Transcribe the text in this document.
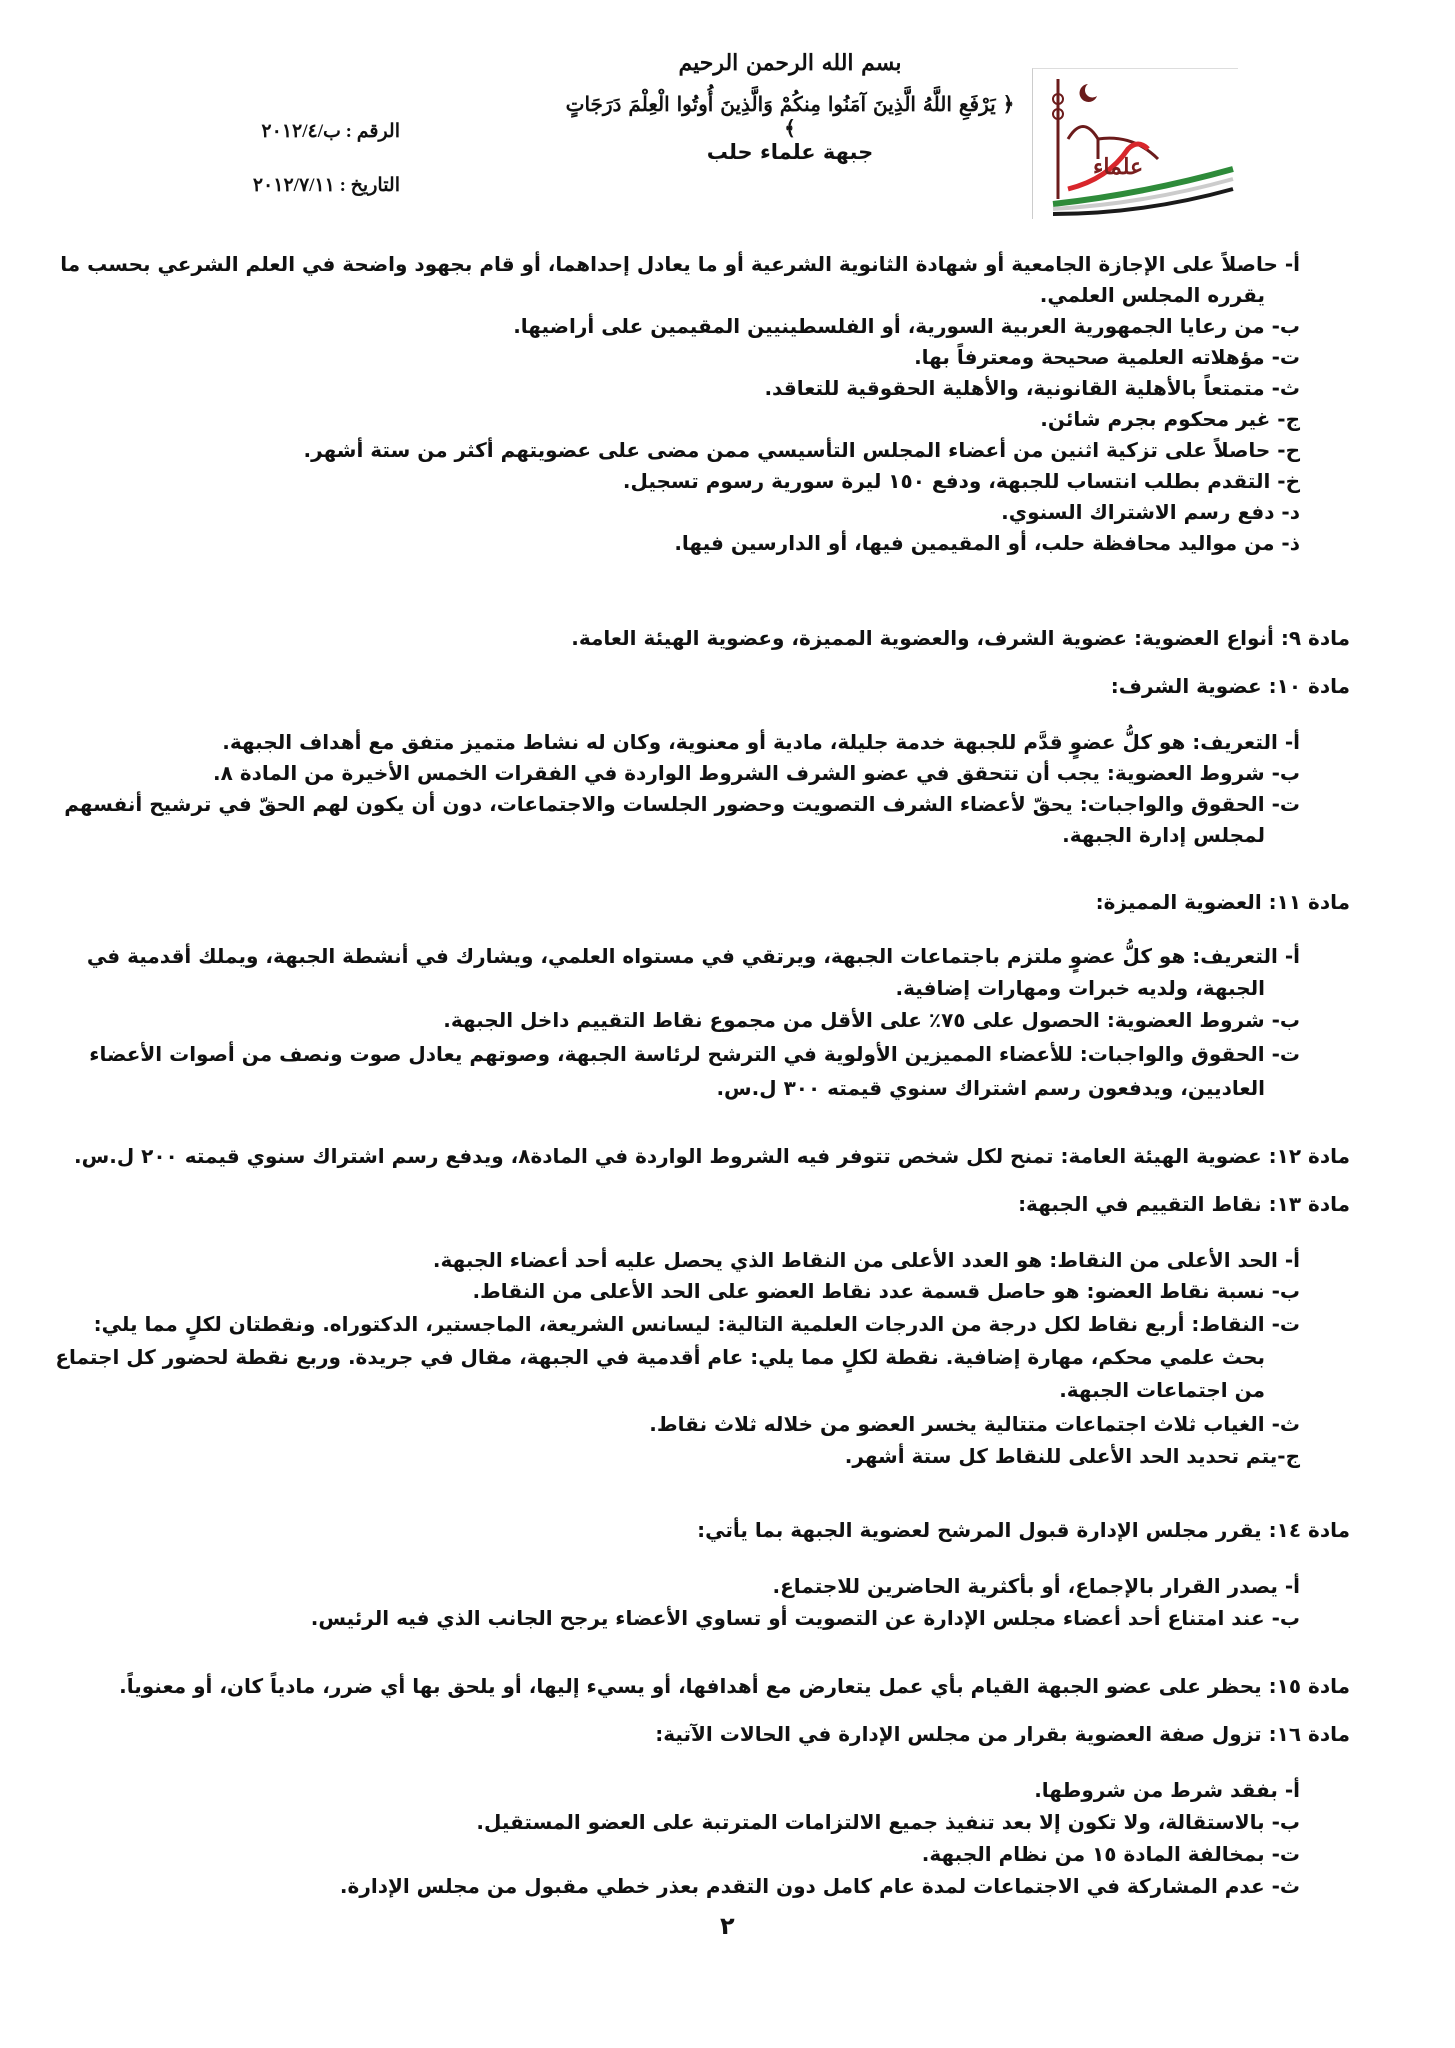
بسم الله الرحمن الرحيم
﴿ يَرْفَعِ اللَّهُ الَّذِينَ آمَنُوا مِنكُمْ وَالَّذِينَ أُوتُوا الْعِلْمَ دَرَجَاتٍ ﴾
جبهة علماء حلب
الرقم : ب/٢٠١٢/٤
التاريخ : ٢٠١٢/٧/١١
علماء
أ- حاصلاً على الإجازة الجامعية أو شهادة الثانوية الشرعية أو ما يعادل إحداهما، أو قام بجهود واضحة في العلم الشرعي بحسب ما
يقرره المجلس العلمي.
ب- من رعايا الجمهورية العربية السورية، أو الفلسطينيين المقيمين على أراضيها.
ت- مؤهلاته العلمية صحيحة ومعترفاً بها.
ث- متمتعاً بالأهلية القانونية، والأهلية الحقوقية للتعاقد.
ج- غير محكوم بجرم شائن.
ح- حاصلاً على تزكية اثنين من أعضاء المجلس التأسيسي ممن مضى على عضويتهم أكثر من ستة أشهر.
خ- التقدم بطلب انتساب للجبهة، ودفع ١٥٠ ليرة سورية رسوم تسجيل.
د- دفع رسم الاشتراك السنوي.
ذ- من مواليد محافظة حلب، أو المقيمين فيها، أو الدارسين فيها.
مادة ٩: أنواع العضوية: عضوية الشرف، والعضوية المميزة، وعضوية الهيئة العامة.
مادة ١٠: عضوية الشرف:
أ- التعريف: هو كلُّ عضوٍ قدَّم للجبهة خدمة جليلة، مادية أو معنوية، وكان له نشاط متميز متفق مع أهداف الجبهة.
ب- شروط العضوية: يجب أن تتحقق في عضو الشرف الشروط الواردة في الفقرات الخمس الأخيرة من المادة ٨.
ت- الحقوق والواجبات: يحقّ لأعضاء الشرف التصويت وحضور الجلسات والاجتماعات، دون أن يكون لهم الحقّ في ترشيح أنفسهم
لمجلس إدارة الجبهة.
مادة ١١: العضوية المميزة:
أ- التعريف: هو كلُّ عضوٍ ملتزم باجتماعات الجبهة، ويرتقي في مستواه العلمي، ويشارك في أنشطة الجبهة، ويملك أقدمية في
الجبهة، ولديه خبرات ومهارات إضافية.
ب- شروط العضوية: الحصول على ٧٥٪ على الأقل من مجموع نقاط التقييم داخل الجبهة.
ت- الحقوق والواجبات: للأعضاء المميزين الأولوية في الترشح لرئاسة الجبهة، وصوتهم يعادل صوت ونصف من أصوات الأعضاء
العاديين، ويدفعون رسم اشتراك سنوي قيمته ٣٠٠ ل.س.
مادة ١٢: عضوية الهيئة العامة: تمنح لكل شخص تتوفر فيه الشروط الواردة في المادة٨، ويدفع رسم اشتراك سنوي قيمته ٢٠٠ ل.س.
مادة ١٣: نقاط التقييم في الجبهة:
أ- الحد الأعلى من النقاط: هو العدد الأعلى من النقاط الذي يحصل عليه أحد أعضاء الجبهة.
ب- نسبة نقاط العضو: هو حاصل قسمة عدد نقاط العضو على الحد الأعلى من النقاط.
ت- النقاط: أربع نقاط لكل درجة من الدرجات العلمية التالية: ليسانس الشريعة، الماجستير، الدكتوراه. ونقطتان لكلٍ مما يلي:
بحث علمي محكم، مهارة إضافية. نقطة لكلٍ مما يلي: عام أقدمية في الجبهة، مقال في جريدة. وربع نقطة لحضور كل اجتماع
من اجتماعات الجبهة.
ث- الغياب ثلاث اجتماعات متتالية يخسر العضو من خلاله ثلاث نقاط.
ج-يتم تحديد الحد الأعلى للنقاط كل ستة أشهر.
مادة ١٤: يقرر مجلس الإدارة قبول المرشح لعضوية الجبهة بما يأتي:
أ- يصدر القرار بالإجماع، أو بأكثرية الحاضرين للاجتماع.
ب- عند امتناع أحد أعضاء مجلس الإدارة عن التصويت أو تساوي الأعضاء يرجح الجانب الذي فيه الرئيس.
مادة ١٥: يحظر على عضو الجبهة القيام بأي عمل يتعارض مع أهدافها، أو يسيء إليها، أو يلحق بها أي ضرر، مادياً كان، أو معنوياً.
مادة ١٦: تزول صفة العضوية بقرار من مجلس الإدارة في الحالات الآتية:
أ- بفقد شرط من شروطها.
ب- بالاستقالة، ولا تكون إلا بعد تنفيذ جميع الالتزامات المترتبة على العضو المستقيل.
ت- بمخالفة المادة ١٥ من نظام الجبهة.
ث- عدم المشاركة في الاجتماعات لمدة عام كامل دون التقدم بعذر خطي مقبول من مجلس الإدارة.
٢
